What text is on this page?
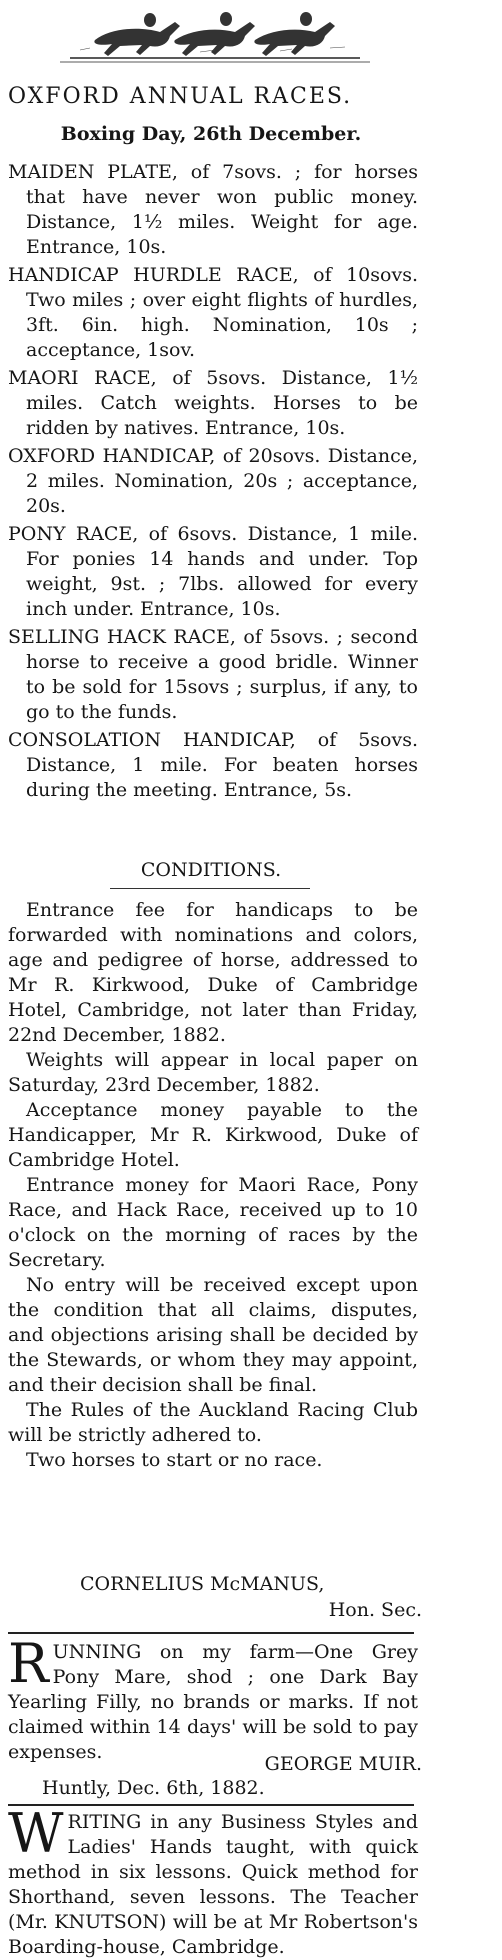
OXFORD ANNUAL RACES.
Boxing Day, 26th December.
MAIDEN PLATE, of 7sovs. ; for horses that have never won public money. Distance, 1½ miles. Weight for age. Entrance, 10s.
HANDICAP HURDLE RACE, of 10sovs. Two miles ; over eight flights of hurdles, 3ft. 6in. high. Nomination, 10s ; acceptance, 1sov.
MAORI RACE, of 5sovs. Distance, 1½ miles. Catch weights. Horses to be ridden by natives. Entrance, 10s.
OXFORD HANDICAP, of 20sovs. Distance, 2 miles. Nomination, 20s ; acceptance, 20s.
PONY RACE, of 6sovs. Distance, 1 mile. For ponies 14 hands and under. Top weight, 9st. ; 7lbs. allowed for every inch under. Entrance, 10s.
SELLING HACK RACE, of 5sovs. ; second horse to receive a good bridle. Winner to be sold for 15sovs ; surplus, if any, to go to the funds.
CONSOLATION HANDICAP, of 5sovs. Distance, 1 mile. For beaten horses during the meeting. Entrance, 5s.
CONDITIONS.
Entrance fee for handicaps to be forwarded with nominations and colors, age and pedigree of horse, addressed to Mr R. Kirkwood, Duke of Cambridge Hotel, Cambridge, not later than Friday, 22nd December, 1882.
Weights will appear in local paper on Saturday, 23rd December, 1882.
Acceptance money payable to the Handicapper, Mr R. Kirkwood, Duke of Cambridge Hotel.
Entrance money for Maori Race, Pony Race, and Hack Race, received up to 10 o'clock on the morning of races by the Secretary.
No entry will be received except upon the condition that all claims, disputes, and objections arising shall be decided by the Stewards, or whom they may appoint, and their decision shall be final.
The Rules of the Auckland Racing Club will be strictly adhered to.
Two horses to start or no race.
CORNELIUS McMANUS,
Hon. Sec.
RUNNING on my farm—One Grey Pony Mare, shod ; one Dark Bay Yearling Filly, no brands or marks. If not claimed within 14 days' will be sold to pay expenses.
GEORGE MUIR.
Huntly, Dec. 6th, 1882.
WRITING in any Business Styles and Ladies' Hands taught, with quick method in six lessons. Quick method for Shorthand, seven lessons. The Teacher (Mr. KNUTSON) will be at Mr Robertson's Boarding-house, Cambridge.
